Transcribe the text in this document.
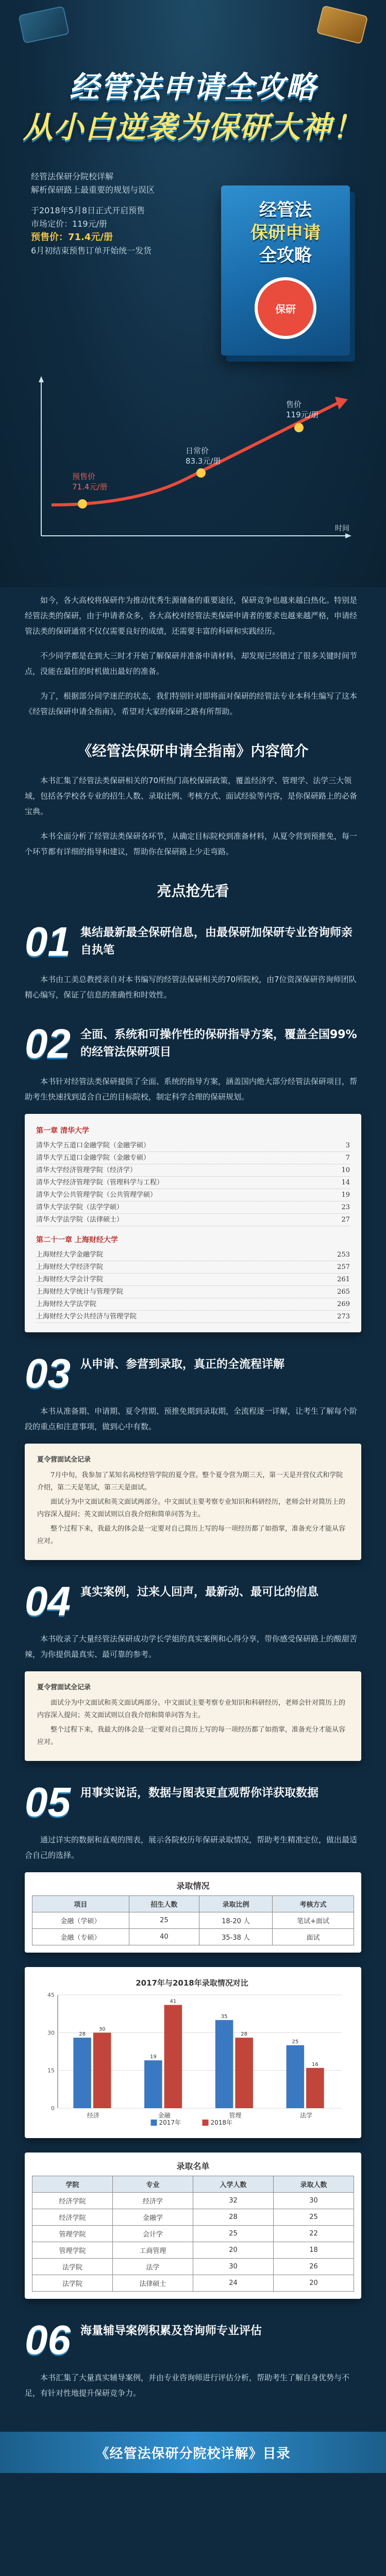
经管法申请全攻略
从小白逆袭为保研大神！
经管法保研分院校详解
解析保研路上最重要的规划与误区
于2018年5月8日正式开启预售
市场定价：119元/册
预售价：71.4元/册
6月初结束预售订单开始统一发货
经管法
保研申请
全攻略
保研
预售价 71.4元/册
日常价 83.3元/册
售价 119元/册
时间

如今，各大高校将保研作为推动优秀生源储备的重要途径，保研竞争也越来越白热化。特别是经管法类的保研，由于申请者众多，各大高校对经管法类保研申请者的要求也越来越严格，申请经管法类的保研通常不仅仅需要良好的成绩，还需要丰富的科研和实践经历。

不少同学都是在到大三时才开始了解保研并准备申请材料，却发现已经错过了很多关键时间节点，没能在最佳的时机做出最好的准备。

为了，根据部分同学迷茫的状态，我们特别针对即将面对保研的经管法专业本科生编写了这本《经管法保研申请全指南》，希望对大家的保研之路有所帮助。

《经管法保研申请全指南》内容简介

本书汇集了经管法类保研相关的70所热门高校保研政策，覆盖经济学、管理学、法学三大领域，包括各学校各专业的招生人数、录取比例、考核方式、面试经验等内容，是你保研路上的必备宝典。

本书全面分析了经管法类保研各环节，从确定目标院校到准备材料，从夏令营到预推免，每一个环节都有详细的指导和建议，帮助你在保研路上少走弯路。

亮点抢先看
01 集结最新最全保研信息，由最保研加保研专业咨询师亲自执笔

本书由工美总教授亲自对本书编写的经管法保研相关的70所院校，由7位资深保研咨询师团队精心编写，保证了信息的准确性和时效性。

02 全面、系统和可操作性的保研指导方案，覆盖全国99%的经管法保研项目

本书针对经管法类保研提供了全面、系统的指导方案，涵盖国内绝大部分经管法保研项目，帮助考生快速找到适合自己的目标院校，制定科学合理的保研规划。

第一章 清华大学
清华大学五道口金融学院（金融学硕）	3
清华大学五道口金融学院（金融专硕）	7
清华大学经济管理学院（经济学）	10
清华大学经济管理学院（管理科学与工程）	14
清华大学公共管理学院（公共管理学硕）	19
清华大学法学院（法学学硕）	23
清华大学法学院（法律硕士）	27
第二十一章 上海财经大学
上海财经大学金融学院	253
上海财经大学经济学院	257
上海财经大学会计学院	261
上海财经大学统计与管理学院	265
上海财经大学法学院	269
上海财经大学公共经济与管理学院	273
03 从申请、参营到录取，真正的全流程详解

本书从准备期、申请期、夏令营期、预推免期到录取期，全流程逐一详解，让考生了解每个阶段的重点和注意事项，做到心中有数。

夏令营面试全记录

7月中旬，我参加了某知名高校经管学院的夏令营。整个夏令营为期三天，第一天是开营仪式和学院介绍，第二天是笔试，第三天是面试。

面试分为中文面试和英文面试两部分。中文面试主要考察专业知识和科研经历，老师会针对简历上的内容深入提问；英文面试则以自我介绍和简单问答为主。

整个过程下来，我最大的体会是一定要对自己简历上写的每一项经历都了如指掌，准备充分才能从容应对。

04 真实案例，过来人回声，最新动、最可比的信息

本书收录了大量经管法保研成功学长学姐的真实案例和心得分享，带你感受保研路上的酸甜苦辣，为你提供最真实、最可靠的参考。

夏令营面试全记录

面试分为中文面试和英文面试两部分。中文面试主要考察专业知识和科研经历，老师会针对简历上的内容深入提问；英文面试则以自我介绍和简单问答为主。

整个过程下来，我最大的体会是一定要对自己简历上写的每一项经历都了如指掌，准备充分才能从容应对。

05 用事实说话，数据与图表更直观帮你详获取数据

通过详实的数据和直观的图表，展示各院校历年保研录取情况，帮助考生精准定位，做出最适合自己的选择。

录取情况
项目	招生人数	录取比例	考核方式
金融（学硕）	25	18-20 人	笔试+面试
金融（专硕）	40	35-38 人	面试
2017年与2018年录取情况对比
0
15
30
45
28
30
经济
19
41
金融
35
28
管理
25
16
法学
2017年	2018年
录取名单
学院	专业	入学人数	录取人数
经济学院	经济学	32	30
经济学院	金融学	28	25
管理学院	会计学	25	22
管理学院	工商管理	20	18
法学院	法学	30	26
法学院	法律硕士	24	20
06 海量辅导案例积累及咨询师专业评估

本书汇集了大量真实辅导案例，并由专业咨询师进行评估分析，帮助考生了解自身优势与不足，有针对性地提升保研竞争力。

《经管法保研分院校详解》目录
